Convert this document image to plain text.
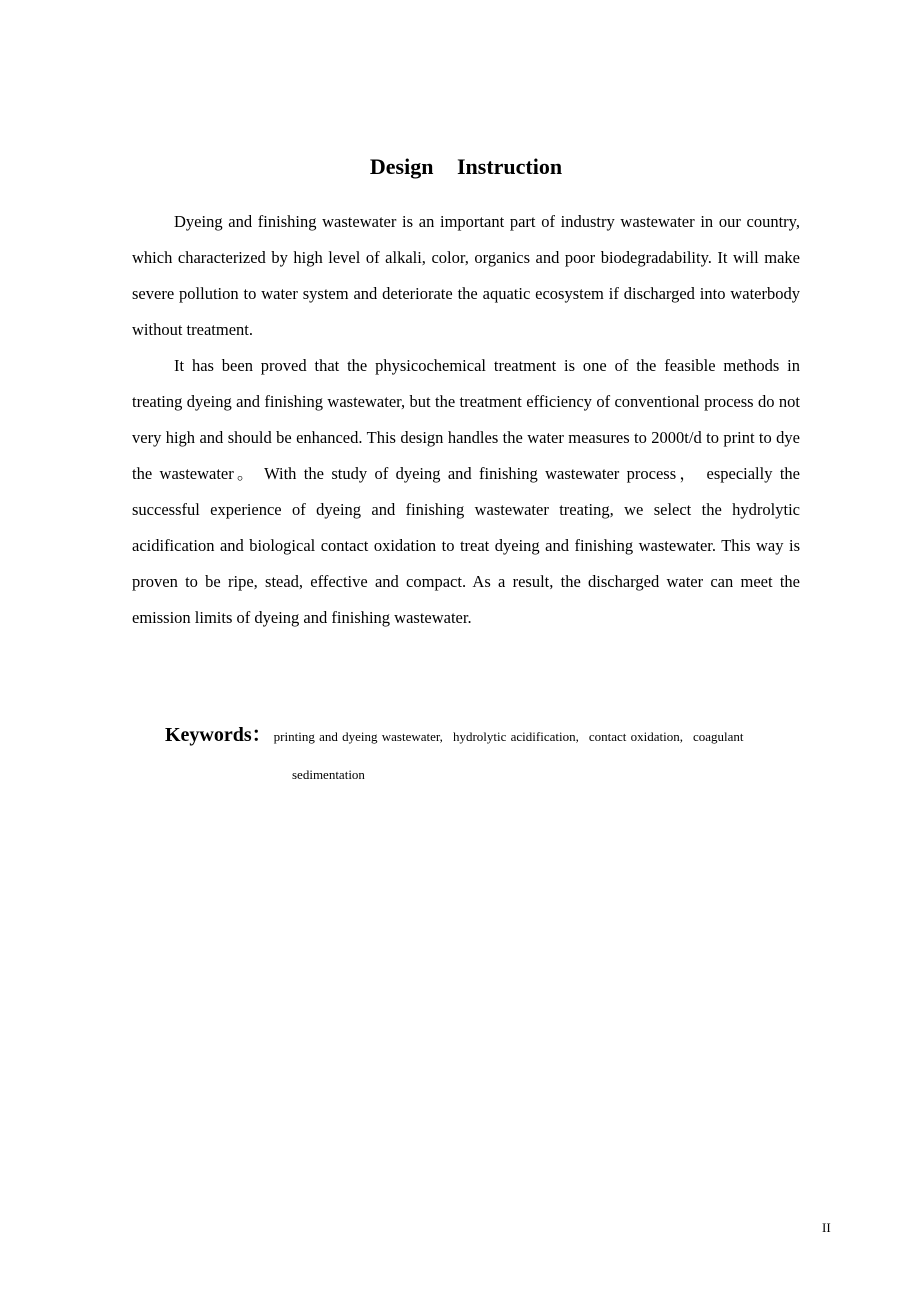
Design Instruction

Dyeing and finishing wastewater is an important part of industry wastewater in our country, which characterized by high level of alkali, color, organics and poor biodegradability. It will make severe pollution to water system and deteriorate the aquatic ecosystem if discharged into waterbody without treatment.

It has been proved that the physicochemical treatment is one of the feasible methods in treating dyeing and finishing wastewater, but the treatment efficiency of conventional process do not very high and should be enhanced. This design handles the water measures to 2000t/d to print to dye the wastewater。 With the study of dyeing and finishing wastewater process， especially the successful experience of dyeing and finishing wastewater treating, we select the hydrolytic acidification and biological contact oxidation to treat dyeing and finishing wastewater. This way is proven to be ripe, stead, effective and compact. As a result, the discharged water can meet the emission limits of dyeing and finishing wastewater.

Keywords： printing and dyeing wastewater, hydrolytic acidification, contact oxidation, coagulant
sedimentation
II
